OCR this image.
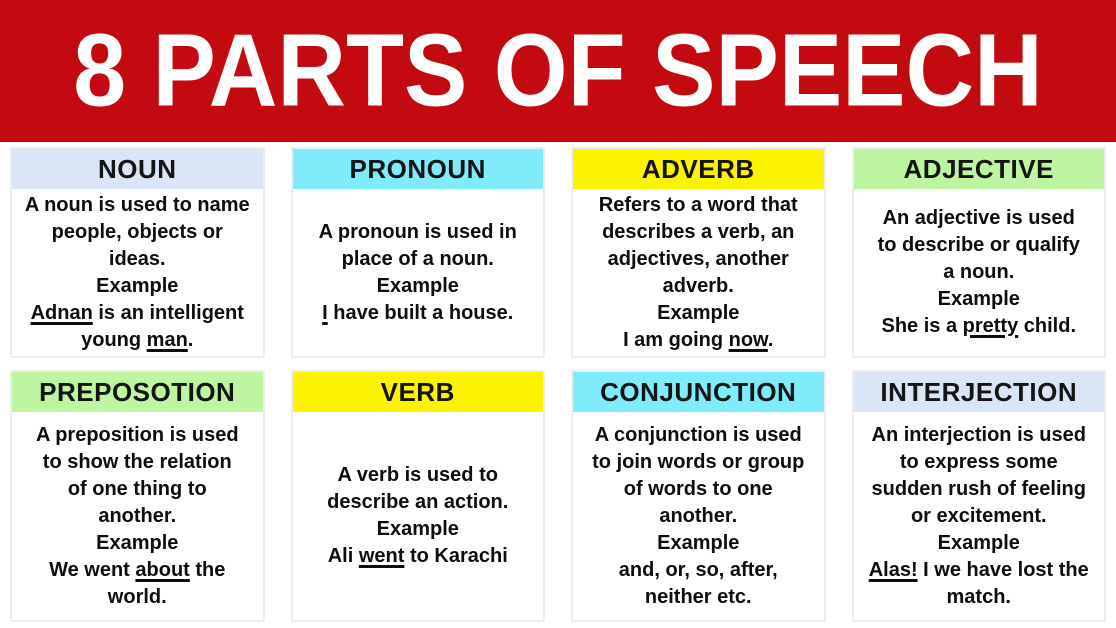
8 PARTS OF SPEECH
NOUN
A noun is used to name
people, objects or
ideas.
Example
Adnan is an intelligent
young man.
PRONOUN
A pronoun is used in
place of a noun.
Example
I have built a house.
ADVERB
Refers to a word that
describes a verb, an
adjectives, another
adverb.
Example
I am going now.
ADJECTIVE
An adjective is used
to describe or qualify
a noun.
Example
She is a pretty child.
PREPOSOTION
A preposition is used
to show the relation
of one thing to
another.
Example
We went about the
world.
VERB
A verb is used to
describe an action.
Example
Ali went to Karachi
CONJUNCTION
A conjunction is used
to join words or group
of words to one
another.
Example
and, or, so, after,
neither etc.
INTERJECTION
An interjection is used
to express some
sudden rush of feeling
or excitement.
Example
Alas! I we have lost the
match.
